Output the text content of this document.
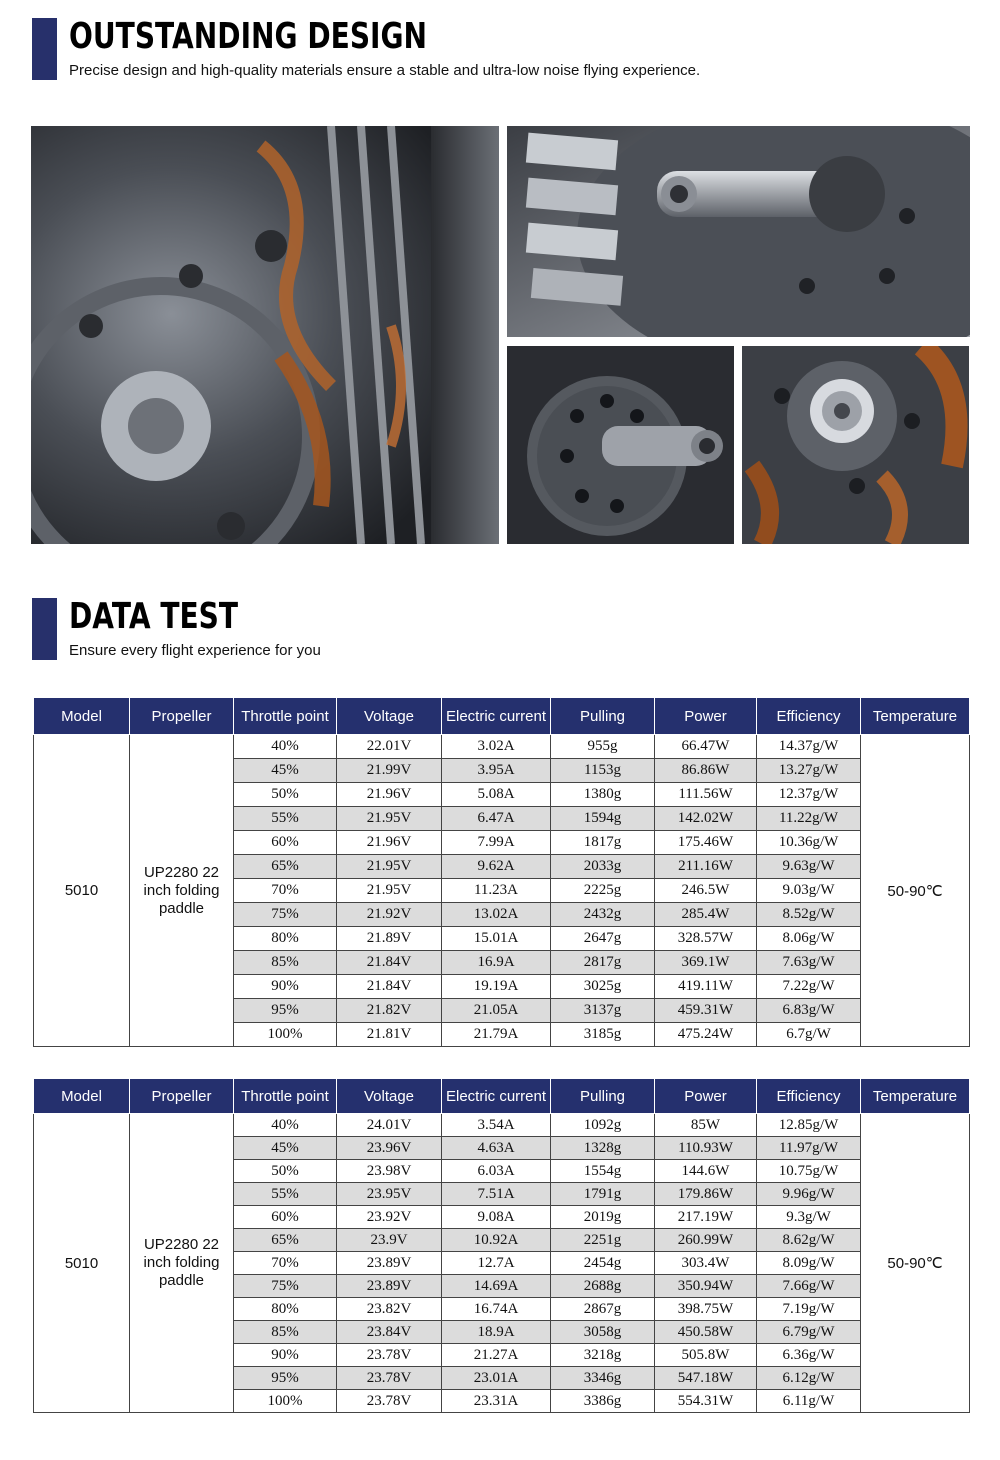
OUTSTANDING DESIGN
Precise design and high-quality materials ensure a stable and ultra-low noise flying experience.
DATA TEST
Ensure every flight experience for you
Model	Propeller	Throttle point	Voltage	Electric current	Pulling	Power	Efficiency	Temperature
5010	UP2280 22 inch folding paddle	40%	22.01V	3.02A	955g	66.47W	14.37g/W	50-90℃
		45%	21.99V	3.95A	1153g	86.86W	13.27g/W	
		50%	21.96V	5.08A	1380g	111.56W	12.37g/W	
		55%	21.95V	6.47A	1594g	142.02W	11.22g/W	
		60%	21.96V	7.99A	1817g	175.46W	10.36g/W	
		65%	21.95V	9.62A	2033g	211.16W	9.63g/W	
		70%	21.95V	11.23A	2225g	246.5W	9.03g/W	
		75%	21.92V	13.02A	2432g	285.4W	8.52g/W	
		80%	21.89V	15.01A	2647g	328.57W	8.06g/W	
		85%	21.84V	16.9A	2817g	369.1W	7.63g/W	
		90%	21.84V	19.19A	3025g	419.11W	7.22g/W	
		95%	21.82V	21.05A	3137g	459.31W	6.83g/W	
		100%	21.81V	21.79A	3185g	475.24W	6.7g/W	
Model	Propeller	Throttle point	Voltage	Electric current	Pulling	Power	Efficiency	Temperature
5010	UP2280 22 inch folding paddle	40%	24.01V	3.54A	1092g	85W	12.85g/W	50-90℃
		45%	23.96V	4.63A	1328g	110.93W	11.97g/W	
		50%	23.98V	6.03A	1554g	144.6W	10.75g/W	
		55%	23.95V	7.51A	1791g	179.86W	9.96g/W	
		60%	23.92V	9.08A	2019g	217.19W	9.3g/W	
		65%	23.9V	10.92A	2251g	260.99W	8.62g/W	
		70%	23.89V	12.7A	2454g	303.4W	8.09g/W	
		75%	23.89V	14.69A	2688g	350.94W	7.66g/W	
		80%	23.82V	16.74A	2867g	398.75W	7.19g/W	
		85%	23.84V	18.9A	3058g	450.58W	6.79g/W	
		90%	23.78V	21.27A	3218g	505.8W	6.36g/W	
		95%	23.78V	23.01A	3346g	547.18W	6.12g/W	
		100%	23.78V	23.31A	3386g	554.31W	6.11g/W	
